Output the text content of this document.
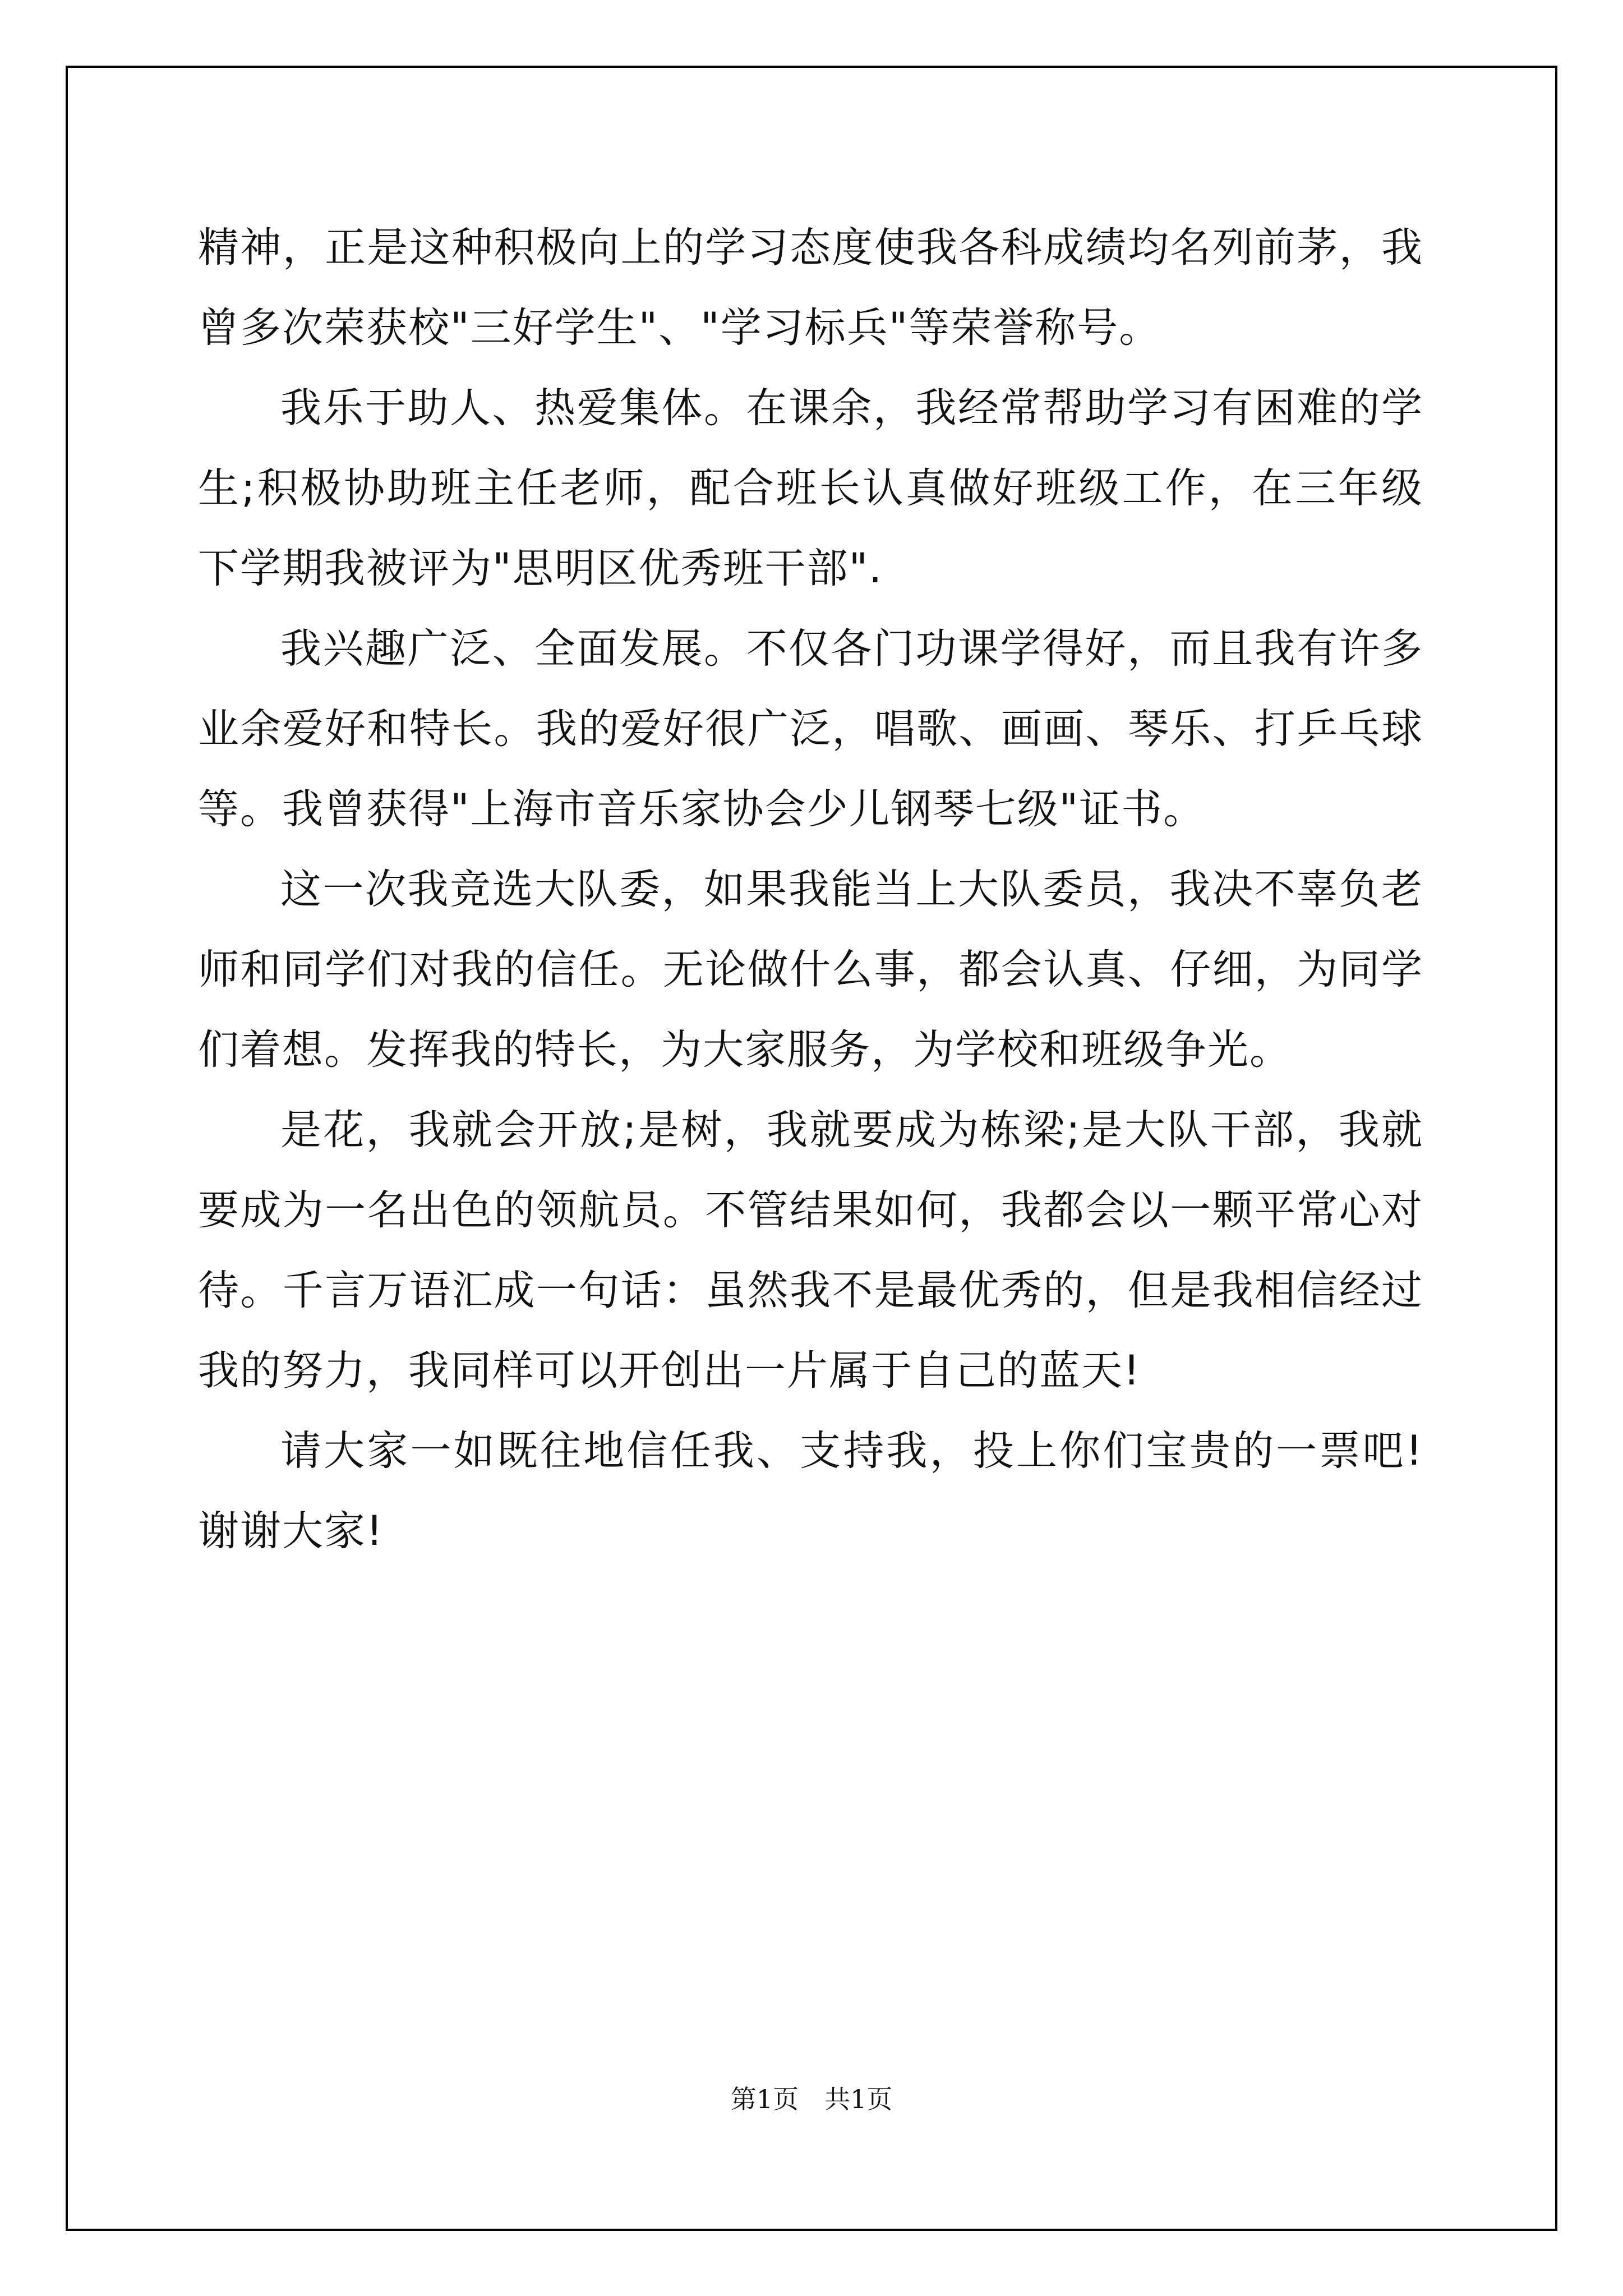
精神，正是这种积极向上的学习态度使我各科成绩均名列前茅，我曾多次荣获校"三好学生"、"学习标兵"等荣誉称号。

我乐于助人、热爱集体。在课余，我经常帮助学习有困难的学生;积极协助班主任老师，配合班长认真做好班级工作，在三年级下学期我被评为"思明区优秀班干部".

我兴趣广泛、全面发展。不仅各门功课学得好，而且我有许多业余爱好和特长。我的爱好很广泛，唱歌、画画、琴乐、打乒乓球等。我曾获得"上海市音乐家协会少儿钢琴七级"证书。

这一次我竞选大队委，如果我能当上大队委员，我决不辜负老师和同学们对我的信任。无论做什么事，都会认真、仔细，为同学们着想。发挥我的特长，为大家服务，为学校和班级争光。

是花，我就会开放;是树，我就要成为栋梁;是大队干部，我就要成为一名出色的领航员。不管结果如何，我都会以一颗平常心对待。千言万语汇成一句话：虽然我不是最优秀的，但是我相信经过我的努力，我同样可以开创出一片属于自己的蓝天!

请大家一如既往地信任我、支持我，投上你们宝贵的一票吧!谢谢大家!

第1页 共1页
